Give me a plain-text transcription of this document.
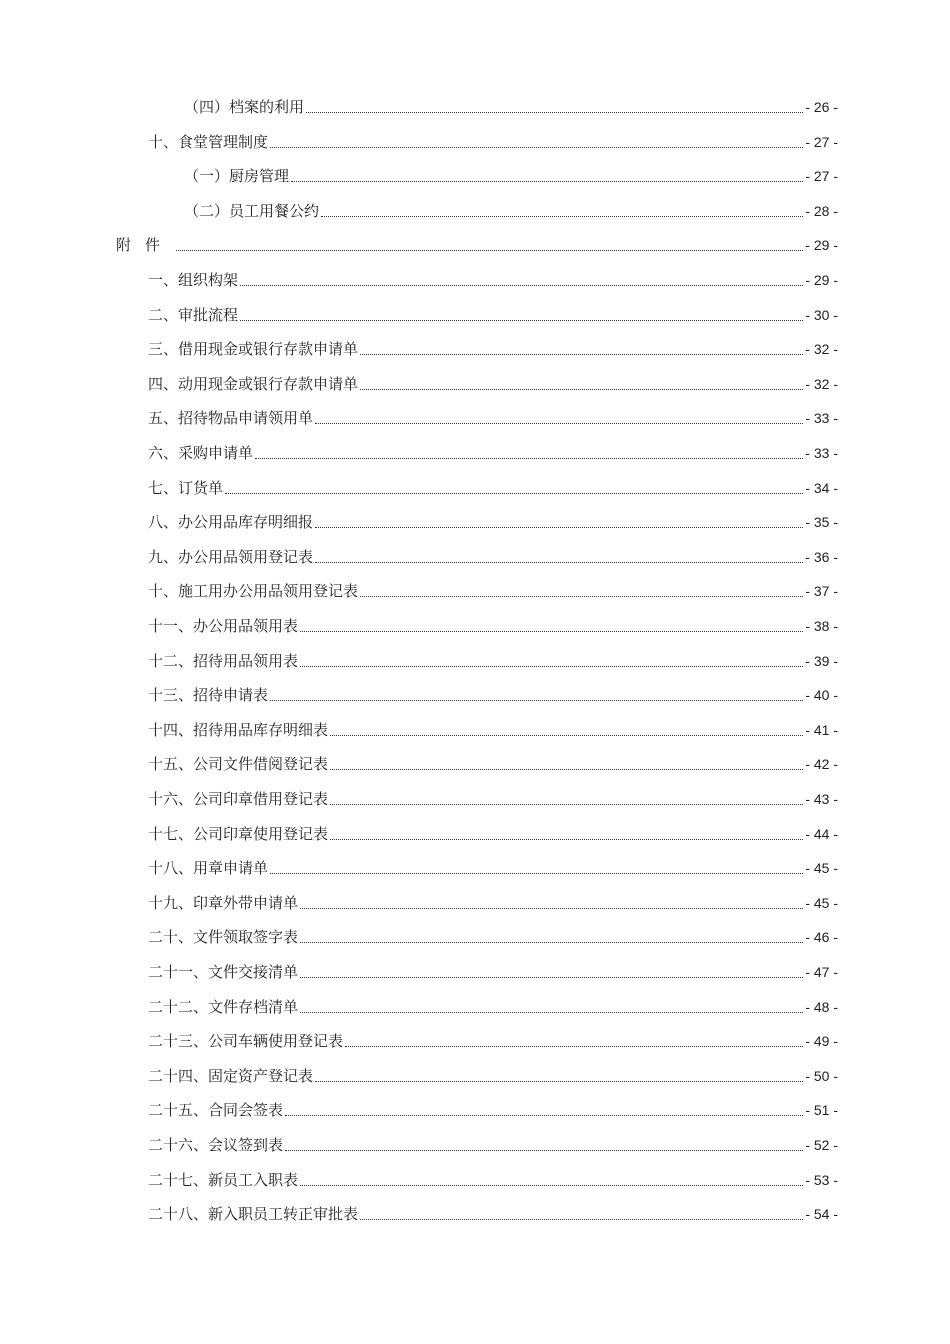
（四）档案的利用	- 26 -
十、食堂管理制度	- 27 -
（一）厨房管理	- 27 -
（二）员工用餐公约	- 28 -
附件	- 29 -
一、组织构架	- 29 -
二、审批流程	- 30 -
三、借用现金或银行存款申请单	- 32 -
四、动用现金或银行存款申请单	- 32 -
五、招待物品申请领用单	- 33 -
六、采购申请单	- 33 -
七、订货单	- 34 -
八、办公用品库存明细报	- 35 -
九、办公用品领用登记表	- 36 -
十、施工用办公用品领用登记表	- 37 -
十一、办公用品领用表	- 38 -
十二、招待用品领用表	- 39 -
十三、招待申请表	- 40 -
十四、招待用品库存明细表	- 41 -
十五、公司文件借阅登记表	- 42 -
十六、公司印章借用登记表	- 43 -
十七、公司印章使用登记表	- 44 -
十八、用章申请单	- 45 -
十九、印章外带申请单	- 45 -
二十、文件领取签字表	- 46 -
二十一、文件交接清单	- 47 -
二十二、文件存档清单	- 48 -
二十三、公司车辆使用登记表	- 49 -
二十四、固定资产登记表	- 50 -
二十五、合同会签表	- 51 -
二十六、会议签到表	- 52 -
二十七、新员工入职表	- 53 -
二十八、新入职员工转正审批表	- 54 -
